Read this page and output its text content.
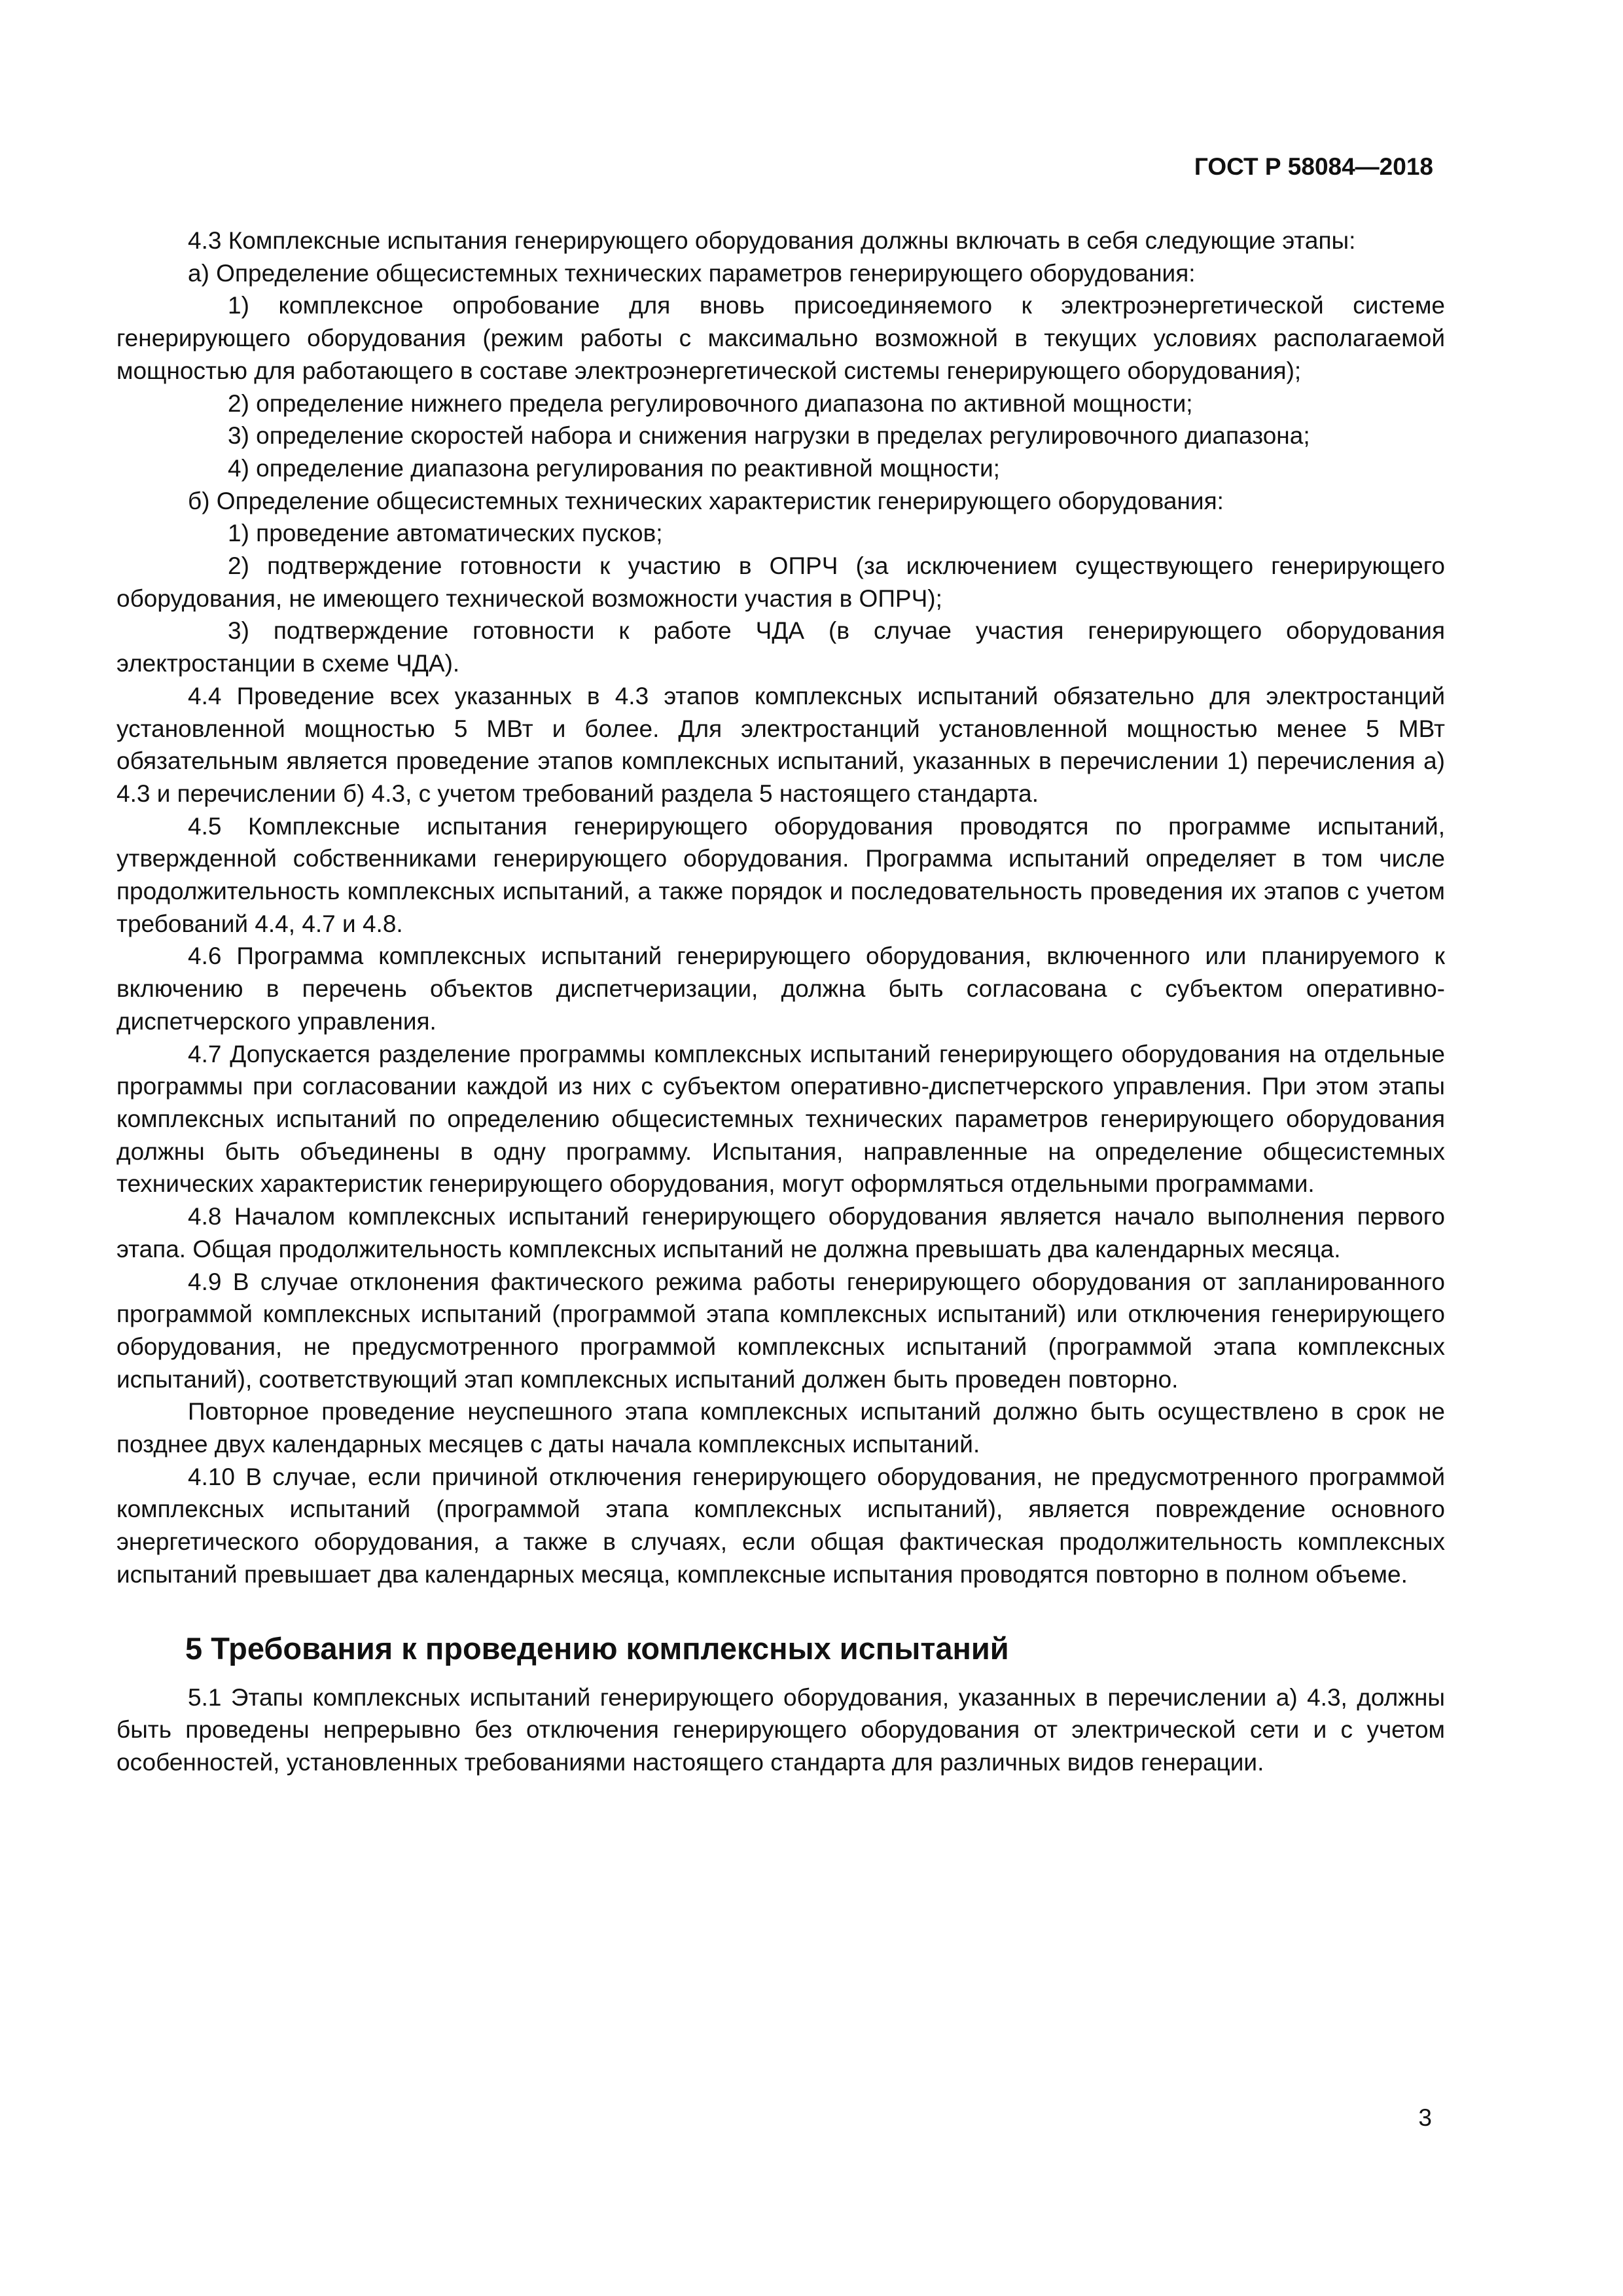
ГОСТ Р 58084—2018

4.3 Комплексные испытания генерирующего оборудования должны включать в себя следующие этапы:

а) Определение общесистемных технических параметров генерирующего оборудования:

1) комплексное опробование для вновь присоединяемого к электроэнергетической системе генерирующего оборудования (режим работы с максимально возможной в текущих условиях располагаемой мощностью для работающего в составе электроэнергетической системы генерирующего оборудования);

2) определение нижнего предела регулировочного диапазона по активной мощности;

3) определение скоростей набора и снижения нагрузки в пределах регулировочного диапазона;

4) определение диапазона регулирования по реактивной мощности;

б) Определение общесистемных технических характеристик генерирующего оборудования:

1) проведение автоматических пусков;

2) подтверждение готовности к участию в ОПРЧ (за исключением существующего генерирующего оборудования, не имеющего технической возможности участия в ОПРЧ);

3) подтверждение готовности к работе ЧДА (в случае участия генерирующего оборудования электростанции в схеме ЧДА).

4.4 Проведение всех указанных в 4.3 этапов комплексных испытаний обязательно для электростанций установленной мощностью 5 МВт и более. Для электростанций установленной мощностью менее 5 МВт обязательным является проведение этапов комплексных испытаний, указанных в перечислении 1) перечисления а) 4.3 и перечислении б) 4.3, с учетом требований раздела 5 настоящего стандарта.

4.5 Комплексные испытания генерирующего оборудования проводятся по программе испытаний, утвержденной собственниками генерирующего оборудования. Программа испытаний определяет в том числе продолжительность комплексных испытаний, а также порядок и последовательность проведения их этапов с учетом требований 4.4, 4.7 и 4.8.

4.6 Программа комплексных испытаний генерирующего оборудования, включенного или планируемого к включению в перечень объектов диспетчеризации, должна быть согласована с субъектом оперативно-диспетчерского управления.

4.7 Допускается разделение программы комплексных испытаний генерирующего оборудования на отдельные программы при согласовании каждой из них с субъектом оперативно-диспетчерского управления. При этом этапы комплексных испытаний по определению общесистемных технических параметров генерирующего оборудования должны быть объединены в одну программу. Испытания, направленные на определение общесистемных технических характеристик генерирующего оборудования, могут оформляться отдельными программами.

4.8 Началом комплексных испытаний генерирующего оборудования является начало выполнения первого этапа. Общая продолжительность комплексных испытаний не должна превышать два календарных месяца.

4.9 В случае отклонения фактического режима работы генерирующего оборудования от запланированного программой комплексных испытаний (программой этапа комплексных испытаний) или отключения генерирующего оборудования, не предусмотренного программой комплексных испытаний (программой этапа комплексных испытаний), соответствующий этап комплексных испытаний должен быть проведен повторно.

Повторное проведение неуспешного этапа комплексных испытаний должно быть осуществлено в срок не позднее двух календарных месяцев с даты начала комплексных испытаний.

4.10 В случае, если причиной отключения генерирующего оборудования, не предусмотренного программой комплексных испытаний (программой этапа комплексных испытаний), является повреждение основного энергетического оборудования, а также в случаях, если общая фактическая продолжительность комплексных испытаний превышает два календарных месяца, комплексные испытания проводятся повторно в полном объеме.

5 Требования к проведению комплексных испытаний

5.1 Этапы комплексных испытаний генерирующего оборудования, указанных в перечислении а) 4.3, должны быть проведены непрерывно без отключения генерирующего оборудования от электрической сети и с учетом особенностей, установленных требованиями настоящего стандарта для различных видов генерации.

3
